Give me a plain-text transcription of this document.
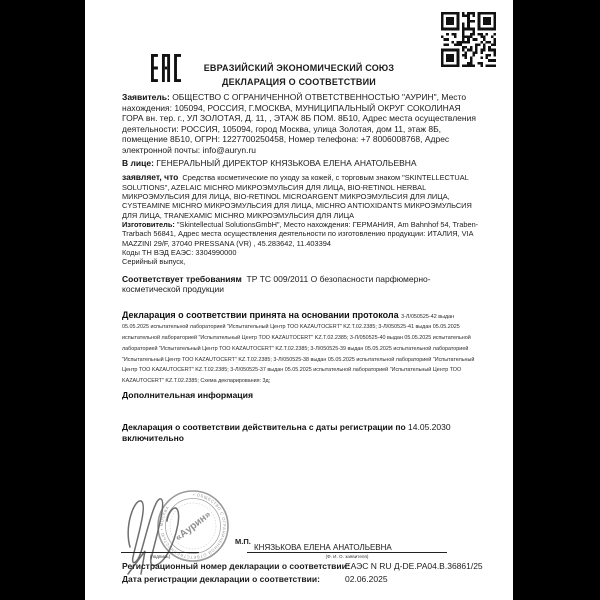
ЕВРАЗИЙСКИЙ ЭКОНОМИЧЕСКИЙ СОЮЗ
ДЕКЛАРАЦИЯ О СООТВЕТСТВИИ

Заявитель: ОБЩЕСТВО С ОГРАНИЧЕННОЙ ОТВЕТСТВЕННОСТЬЮ "АУРИН", Место нахождения: 105094, РОССИЯ, Г.МОСКВА, МУНИЦИПАЛЬНЫЙ ОКРУГ СОКОЛИНАЯ ГОРА вн. тер. г., УЛ ЗОЛОТАЯ, Д. 11, , ЭТАЖ 8Б ПОМ. 8Б10, Адрес места осуществления деятельности: РОССИЯ, 105094, город Москва, улица Золотая, дом 11, этаж 8Б, помещение 8Б10, ОГРН: 1227700250458, Номер телефона: +7 8006008768, Адрес электронной почты: info@auryn.ru

В лице: ГЕНЕРАЛЬНЫЙ ДИРЕКТОР КНЯЗЬКОВА ЕЛЕНА АНАТОЛЬЕВНА

заявляет, что Средства косметические по уходу за кожей, с торговым знаком "SKINTELLECTUAL SOLUTIONS", AZELAIC MICHRO МИКРОЭМУЛЬСИЯ ДЛЯ ЛИЦА, BIO-RETINOL HERBAL МИКРОЭМУЛЬСИЯ ДЛЯ ЛИЦА, BIO-RETINOL MICROARGENT МИКРОЭМУЛЬСИЯ ДЛЯ ЛИЦА, CYSTEAMINE MICHRO МИКРОЭМУЛЬСИЯ ДЛЯ ЛИЦА, MICHRO ANTIOXIDANTS МИКРОЭМУЛЬСИЯ ДЛЯ ЛИЦА, TRANEXAMIC MICHRO МИКРОЭМУЛЬСИЯ ДЛЯ ЛИЦА
Изготовитель: "Skintellectual SolutionsGmbH", Место нахождения: ГЕРМАНИЯ, Am Bahnhof 54, Traben-Trarbach 56841, Адрес места осуществления деятельности по изготовлению продукции: ИТАЛИЯ, VIA MAZZINI 29/F, 37040 PRESSANA (VR) , 45.283642, 11.403394

Коды ТН ВЭД ЕАЭС: 3304990000

Серийный выпуск,

Соответствует требованиям ТР ТС 009/2011 О безопасности парфюмерно-косметической продукции

Декларация о соответствии принята на основании протокола 3-Л/050525-42 выдан 05.05.2025 испытательной лабораторией "Испытательный Центр ТОО KAZAUTOCERT" KZ.T.02.2385; 3-Л/050525-41 выдан 05.05.2025 испытательной лабораторией "Испытательный Центр ТОО KAZAUTOCERT" KZ.T.02.2385; 3-Л/050525-40 выдан 05.05.2025 испытательной лабораторией "Испытательный Центр ТОО KAZAUTOCERT" KZ.T.02.2385; 3-Л/050525-39 выдан 05.05.2025 испытательной лабораторией "Испытательный Центр ТОО KAZAUTOCERT" KZ.T.02.2385; 3-Л/050525-38 выдан 05.05.2025 испытательной лабораторией "Испытательный Центр ТОО KAZAUTOCERT" KZ.T.02.2385; 3-Л/050525-37 выдан 05.05.2025 испытательной лабораторией "Испытательный Центр ТОО KAZAUTOCERT" KZ.T.02.2385; Схема декларирования: 3д;

Дополнительная информация

Декларация о соответствии действительна с даты регистрации по 14.05.2030 включительно

• ОБЩЕСТВО С ОГРАНИЧЕННОЙ ОТВЕТСТВЕННОСТЬЮ • МОСКВА
«Аурин»
(подпись)
М.П.
КНЯЗЬКОВА ЕЛЕНА АНАТОЛЬЕВНА
(Ф. И. О. заявителя)
Регистрационный номер декларации о соответствии:
ЕАЭС N RU Д-DE.PA04.B.36861/25
Дата регистрации декларации о соответствии:	02.06.2025
